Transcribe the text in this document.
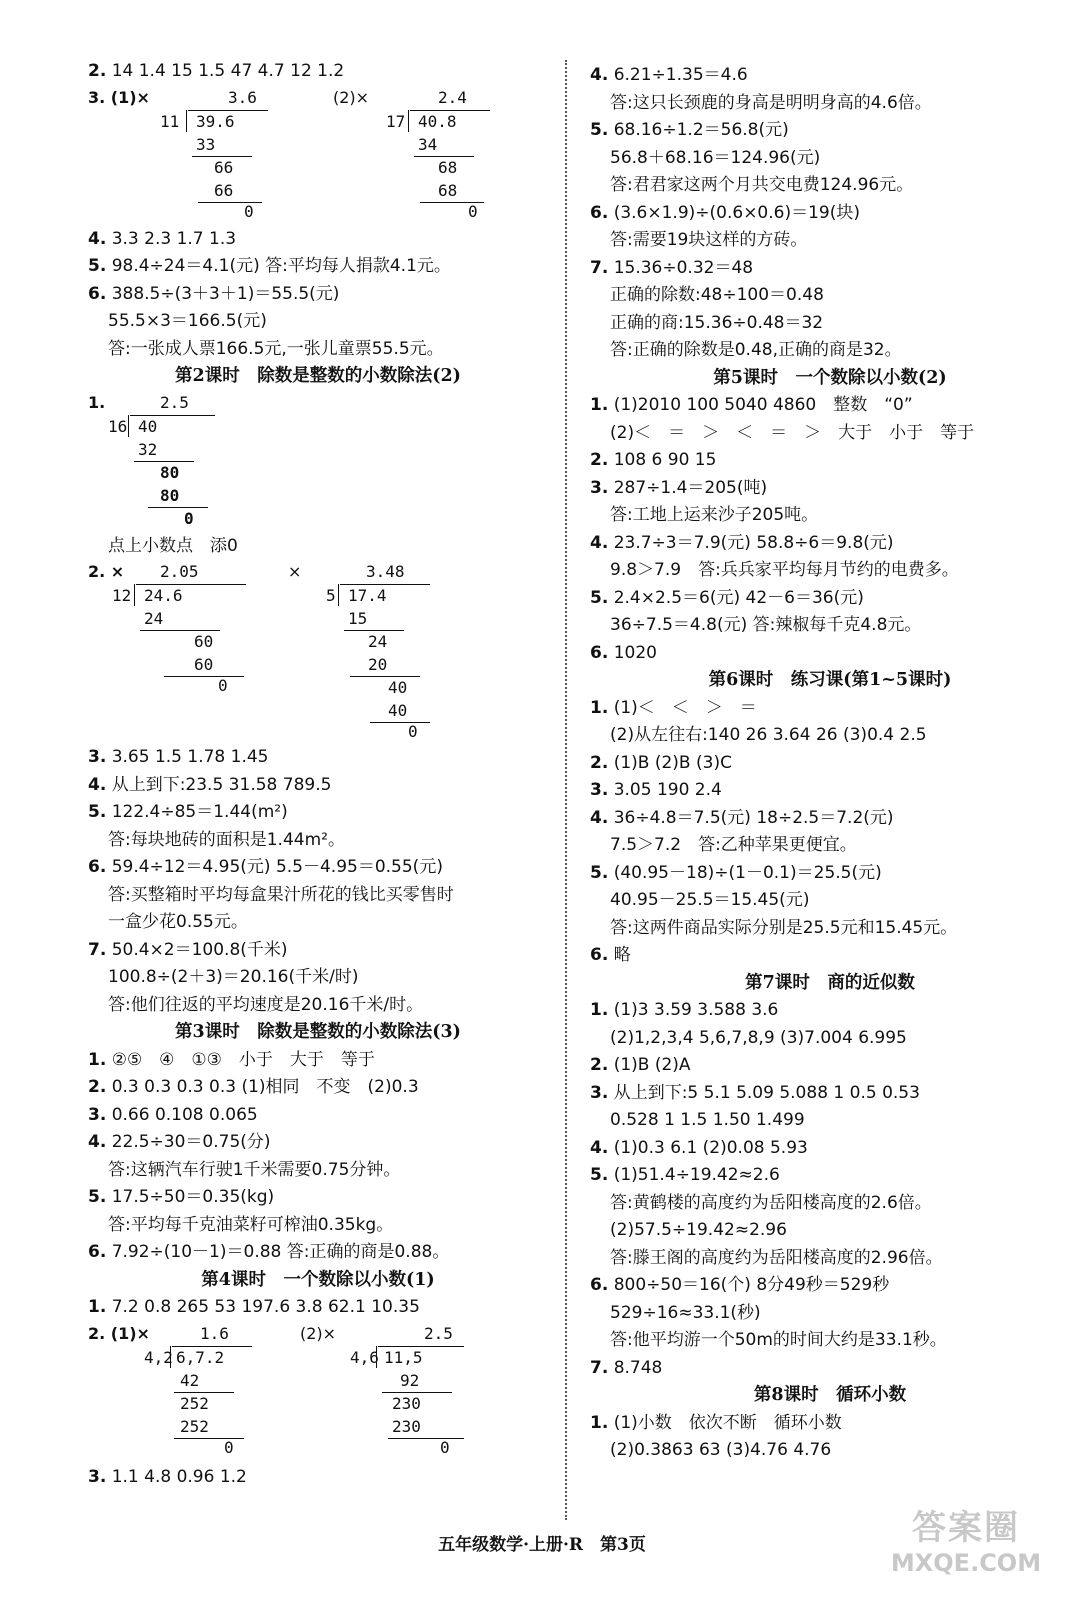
2. 14 1.4 15 1.5 47 4.7 12 1.2
3. (1)×	3.6
11 39.6
33
66
66
0
(2)×	2.4
17 40.8
34
68
68
0
4. 3.3 2.3 1.7 1.3
5. 98.4÷24＝4.1(元) 答:平均每人捐款4.1元。
6. 388.5÷(3＋3＋1)＝55.5(元)
55.5×3＝166.5(元)
答:一张成人票166.5元,一张儿童票55.5元。
第2课时　除数是整数的小数除法(2)
1.	2.5
16 40
32
80
80
0
点上小数点　添0
2. × 2.05
12 24.6
24
60
60
0
×	3.48
5 17.4
15
24
20
40
40
0
3. 3.65 1.5 1.78 1.45
4. 从上到下:23.5 31.58 789.5
5. 122.4÷85＝1.44(m²)
答:每块地砖的面积是1.44m²。
6. 59.4÷12＝4.95(元) 5.5－4.95＝0.55(元)
答:买整箱时平均每盒果汁所花的钱比买零售时
一盒少花0.55元。
7. 50.4×2＝100.8(千米)
100.8÷(2＋3)＝20.16(千米/时)
答:他们往返的平均速度是20.16千米/时。
第3课时　除数是整数的小数除法(3)
1. ②⑤　④　①③　小于　大于　等于
2. 0.3 0.3 0.3 0.3 (1)相同　不变　(2)0.3
3. 0.66 0.108 0.065
4. 22.5÷30＝0.75(分)
答:这辆汽车行驶1千米需要0.75分钟。
5. 17.5÷50＝0.35(kg)
答:平均每千克油菜籽可榨油0.35kg。
6. 7.92÷(10－1)＝0.88 答:正确的商是0.88。
第4课时　一个数除以小数(1)
1. 7.2 0.8 265 53 197.6 3.8 62.1 10.35
2. (1)×	1.6
4,2 6,7.2
42
252
252
0
(2)×	2.5
4,6 11,5
92
230
230
0
3. 1.1 4.8 0.96 1.2
4. 6.21÷1.35＝4.6
答:这只长颈鹿的身高是明明身高的4.6倍。
5. 68.16÷1.2＝56.8(元)
56.8＋68.16＝124.96(元)
答:君君家这两个月共交电费124.96元。
6. (3.6×1.9)÷(0.6×0.6)＝19(块)
答:需要19块这样的方砖。
7. 15.36÷0.32＝48
正确的除数:48÷100＝0.48
正确的商:15.36÷0.48＝32
答:正确的除数是0.48,正确的商是32。
第5课时　一个数除以小数(2)
1. (1)2010 100 5040 4860　整数　“0”
(2)＜　＝　＞　＜　＝　＞　大于　小于　等于
2. 108 6 90 15
3. 287÷1.4＝205(吨)
答:工地上运来沙子205吨。
4. 23.7÷3＝7.9(元) 58.8÷6＝9.8(元)
9.8＞7.9　答:兵兵家平均每月节约的电费多。
5. 2.4×2.5＝6(元) 42－6＝36(元)
36÷7.5＝4.8(元) 答:辣椒每千克4.8元。
6. 1020
第6课时　练习课(第1~5课时)
1. (1)＜　＜　＞　＝
(2)从左往右:140 26 3.64 26 (3)0.4 2.5
2. (1)B (2)B (3)C
3. 3.05 190 2.4
4. 36÷4.8＝7.5(元) 18÷2.5＝7.2(元)
7.5＞7.2　答:乙种苹果更便宜。
5. (40.95－18)÷(1－0.1)＝25.5(元)
40.95－25.5＝15.45(元)
答:这两件商品实际分别是25.5元和15.45元。
6. 略
第7课时　商的近似数
1. (1)3 3.59 3.588 3.6
(2)1,2,3,4 5,6,7,8,9 (3)7.004 6.995
2. (1)B (2)A
3. 从上到下:5 5.1 5.09 5.088 1 0.5 0.53
0.528 1 1.5 1.50 1.499
4. (1)0.3 6.1 (2)0.08 5.93
5. (1)51.4÷19.42≈2.6
答:黄鹤楼的高度约为岳阳楼高度的2.6倍。
(2)57.5÷19.42≈2.96
答:滕王阁的高度约为岳阳楼高度的2.96倍。
6. 800÷50＝16(个) 8分49秒＝529秒
529÷16≈33.1(秒)
答:他平均游一个50m的时间大约是33.1秒。
7. 8.748
第8课时　循环小数
1. (1)小数　依次不断　循环小数
(2)0.3863 63 (3)4.76 4.76
五年级数学·上册·R　第3页	答案圈
MXQE.COM
